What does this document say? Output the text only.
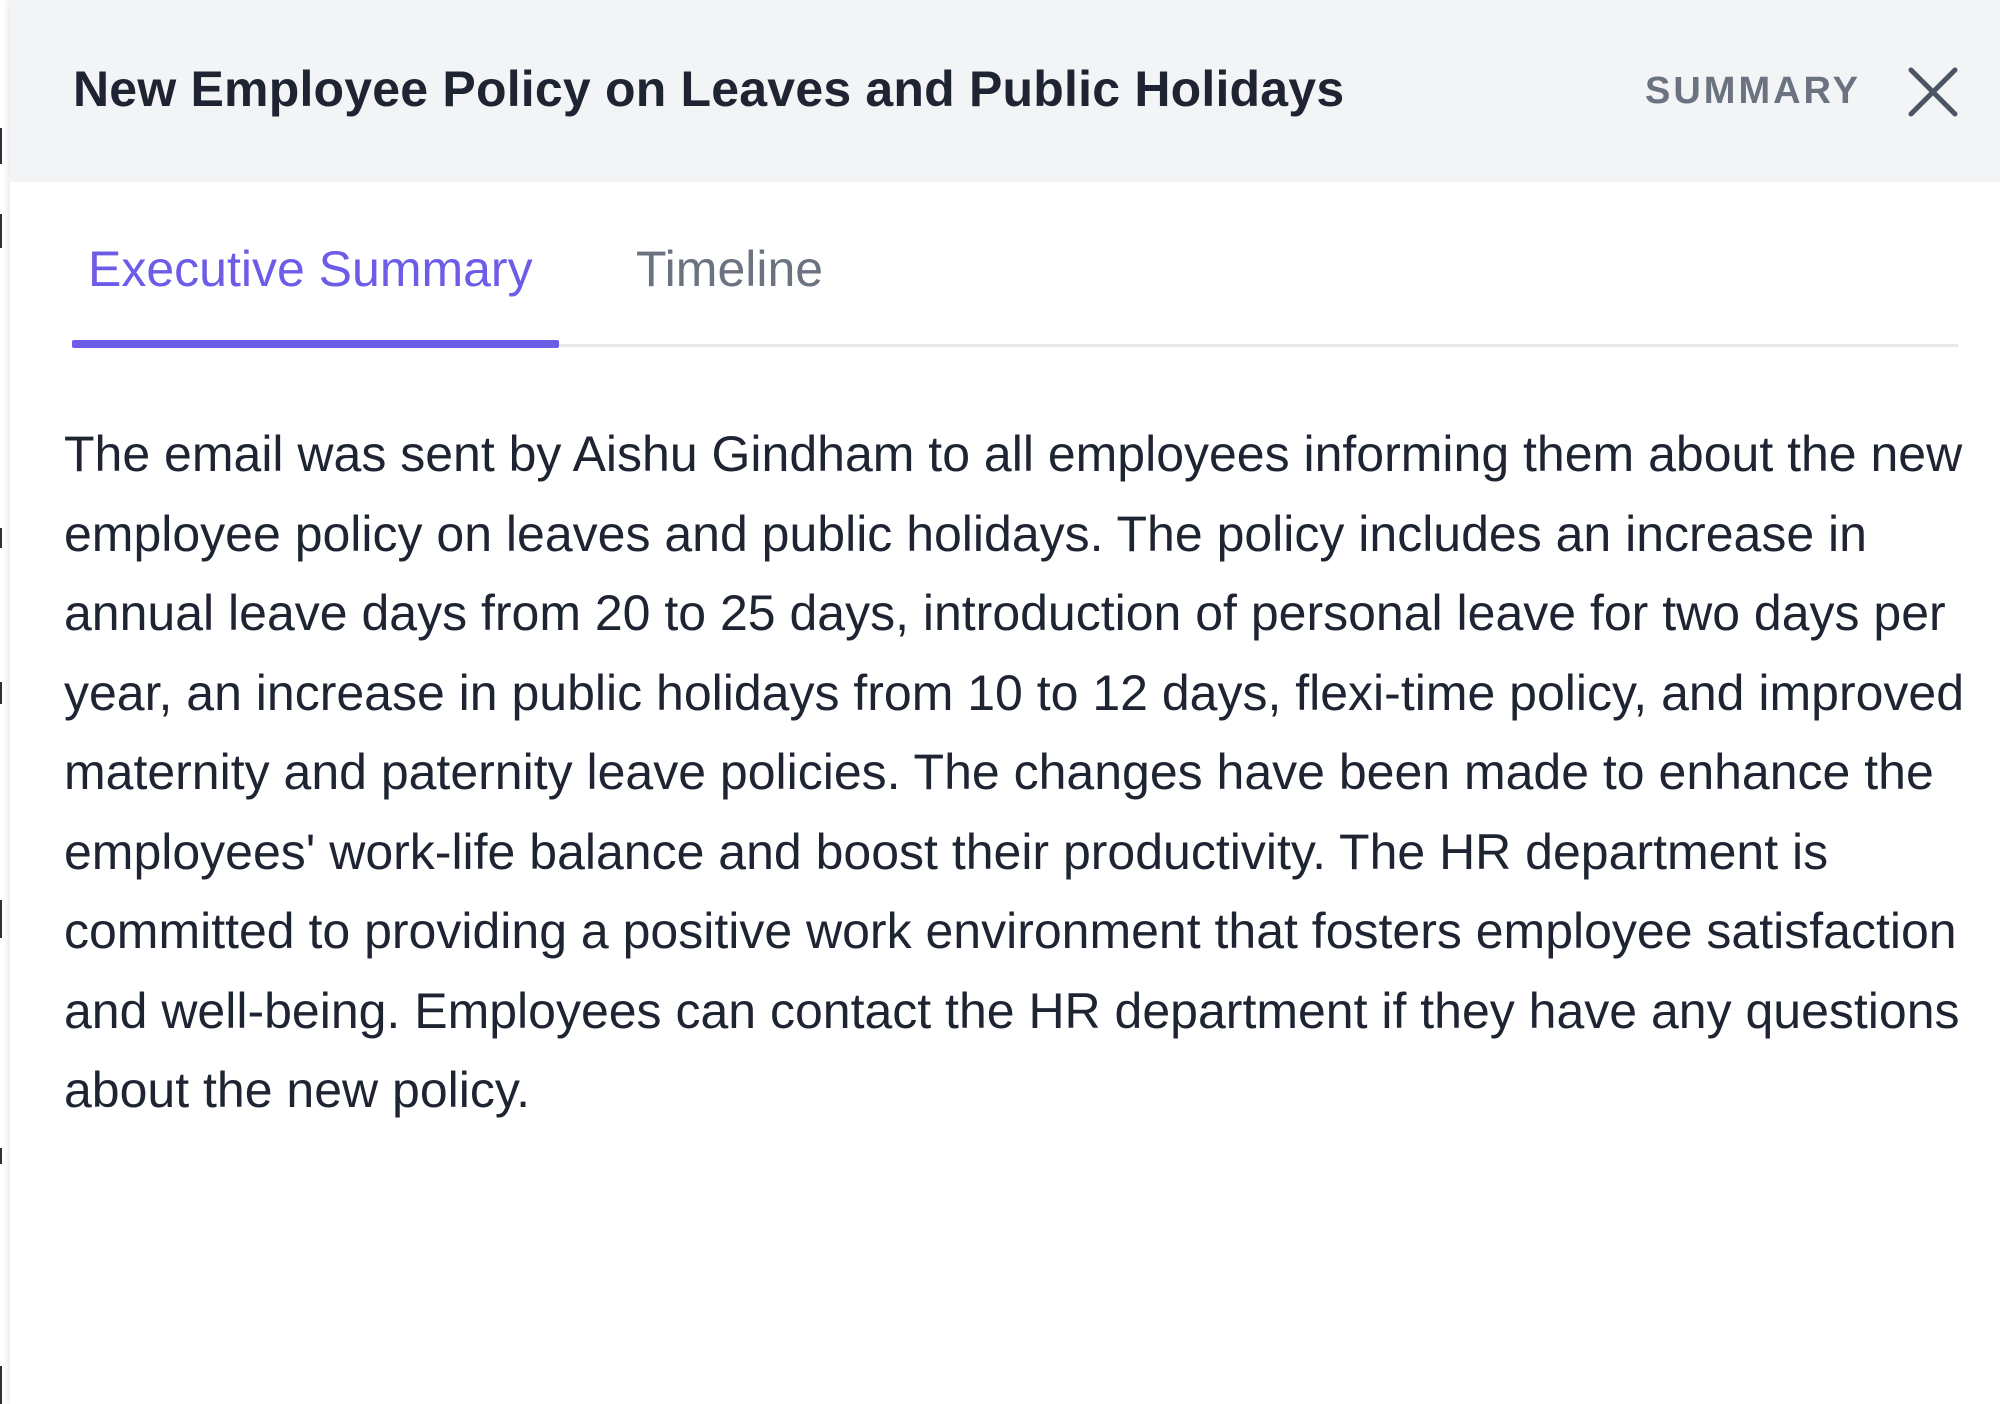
New Employee Policy on Leaves and Public Holidays	SUMMARY
Executive Summary Timeline

The email was sent by Aishu Gindham to all employees informing them about the new employee policy on leaves and public holidays. The policy includes an increase in annual leave days from 20 to 25 days, introduction of personal leave for two days per year, an increase in public holidays from 10 to 12 days, flexi-time policy, and improved maternity and paternity leave policies. The changes have been made to enhance the employees' work-life balance and boost their productivity. The HR department is committed to providing a positive work environment that fosters employee satisfaction and well-being. Employees can contact the HR department if they have any questions about the new policy.
